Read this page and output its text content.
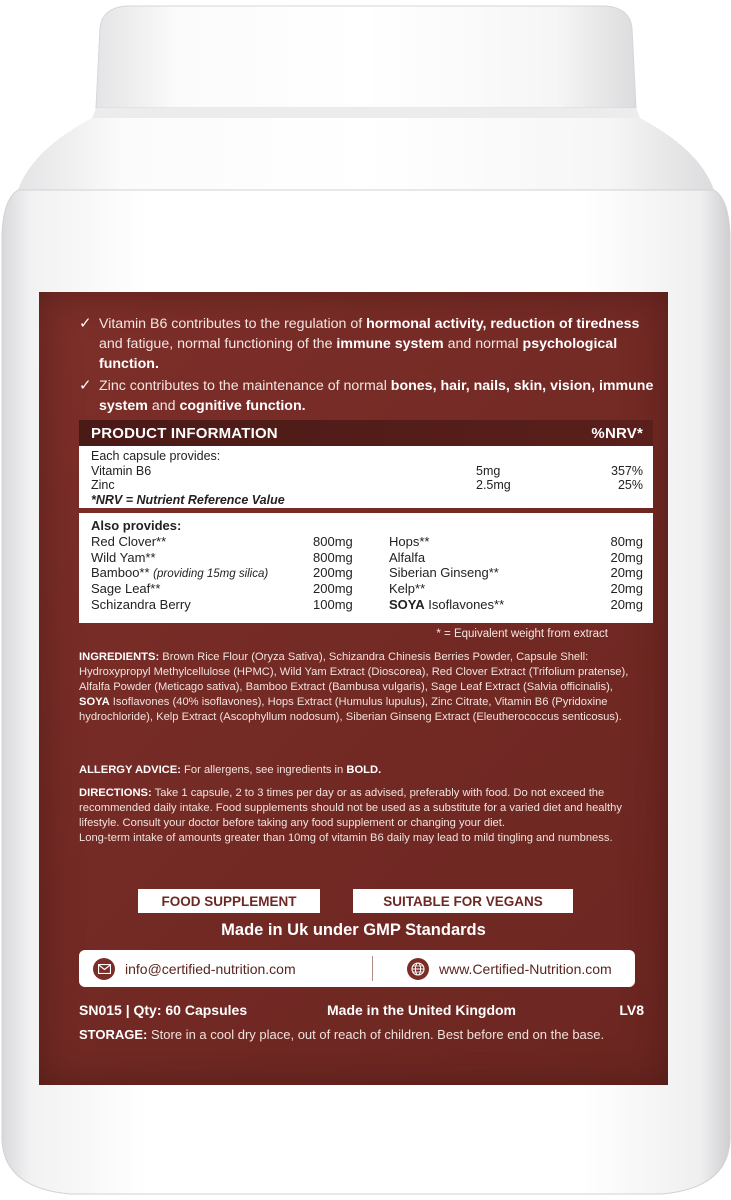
✓ Vitamin B6 contributes to the regulation of hormonal activity, reduction of tiredness and fatigue, normal functioning of the immune system and normal psychological function.
✓ Zinc contributes to the maintenance of normal bones, hair, nails, skin, vision, immune system and cognitive function.
PRODUCT INFORMATION	%NRV*
Each capsule provides:
Vitamin B6	5mg	357%
Zinc	2.5mg	25%
*NRV = Nutrient Reference Value
Also provides:
Red Clover**	800mg	Hops**	80mg
Wild Yam**	800mg	Alfalfa	20mg
Bamboo** (providing 15mg silica)	200mg	Siberian Ginseng**	20mg
Sage Leaf**	200mg	Kelp**	20mg
Schizandra Berry	100mg	SOYA Isoflavones**	20mg
* = Equivalent weight from extract
INGREDIENTS: Brown Rice Flour (Oryza Sativa), Schizandra Chinesis Berries Powder, Capsule Shell: Hydroxypropyl Methylcellulose (HPMC), Wild Yam Extract (Dioscorea), Red Clover Extract (Trifolium pratense), Alfalfa Powder (Meticago sativa), Bamboo Extract (Bambusa vulgaris), Sage Leaf Extract (Salvia officinalis), SOYA Isoflavones (40% isoflavones), Hops Extract (Humulus lupulus), Zinc Citrate, Vitamin B6 (Pyridoxine hydrochloride), Kelp Extract (Ascophyllum nodosum), Siberian Ginseng Extract (Eleutherococcus senticosus).
ALLERGY ADVICE: For allergens, see ingredients in BOLD.
DIRECTIONS: Take 1 capsule, 2 to 3 times per day or as advised, preferably with food. Do not exceed the recommended daily intake. Food supplements should not be used as a substitute for a varied diet and healthy lifestyle. Consult your doctor before taking any food supplement or changing your diet.
Long-term intake of amounts greater than 10mg of vitamin B6 daily may lead to mild tingling and numbness.
FOOD SUPPLEMENT	SUITABLE FOR VEGANS
Made in Uk under GMP Standards
info@certified-nutrition.com	www.Certified-Nutrition.com
SN015 | Qty: 60 Capsules	Made in the United Kingdom	LV8
STORAGE: Store in a cool dry place, out of reach of children. Best before end on the base.
